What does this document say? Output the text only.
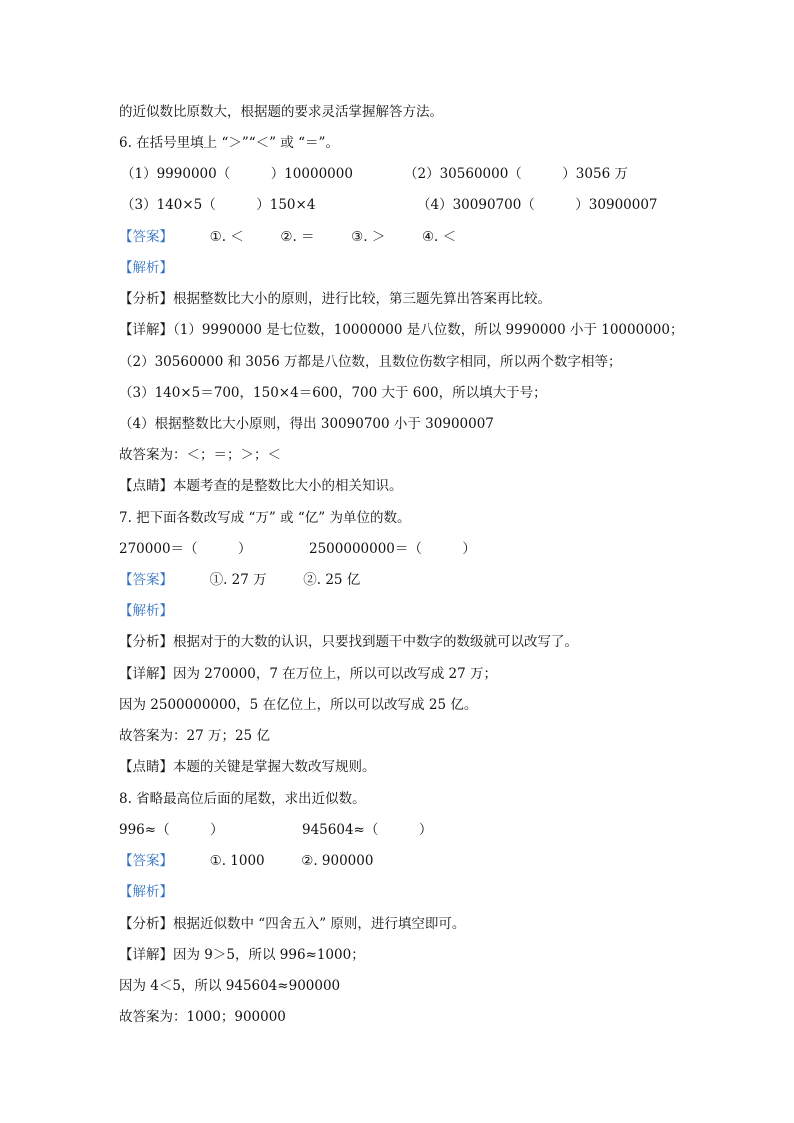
的近似数比原数大，根据题的要求灵活掌握解答方法。
6. 在括号里填上 “＞”“＜” 或 “＝”。
（1）9990000（　　　）10000000	（2）30560000（　　　）3056 万
（3）140×5（　　　）150×4	（4）30090700（　　　）30900007
【答案】	①. ＜	②. ＝	③. ＞	④. ＜
【解析】
【分析】根据整数比大小的原则，进行比较，第三题先算出答案再比较。
【详解】（1）9990000 是七位数，10000000 是八位数，所以 9990000 小于 10000000；
（2）30560000 和 3056 万都是八位数，且数位伤数字相同，所以两个数字相等；
（3）140×5＝700，150×4＝600，700 大于 600，所以填大于号；
（4）根据整数比大小原则，得出 30090700 小于 30900007
故答案为：＜；＝；＞；＜
【点睛】本题考查的是整数比大小的相关知识。
7. 把下面各数改写成 “万” 或 “亿” 为单位的数。
270000＝（　　　）	2500000000＝（　　　）
【答案】	①. 27 万	②. 25 亿
【解析】
【分析】根据对于的大数的认识，只要找到题干中数字的数级就可以改写了。
【详解】因为 270000，7 在万位上，所以可以改写成 27 万；
因为 2500000000，5 在亿位上，所以可以改写成 25 亿。
故答案为：27 万；25 亿
【点睛】本题的关键是掌握大数改写规则。
8. 省略最高位后面的尾数，求出近似数。
996≈（　　　）	945604≈（　　　）
【答案】	①. 1000	②. 900000
【解析】
【分析】根据近似数中 “四舍五入” 原则，进行填空即可。
【详解】因为 9＞5，所以 996≈1000；
因为 4＜5，所以 945604≈900000
故答案为：1000；900000
